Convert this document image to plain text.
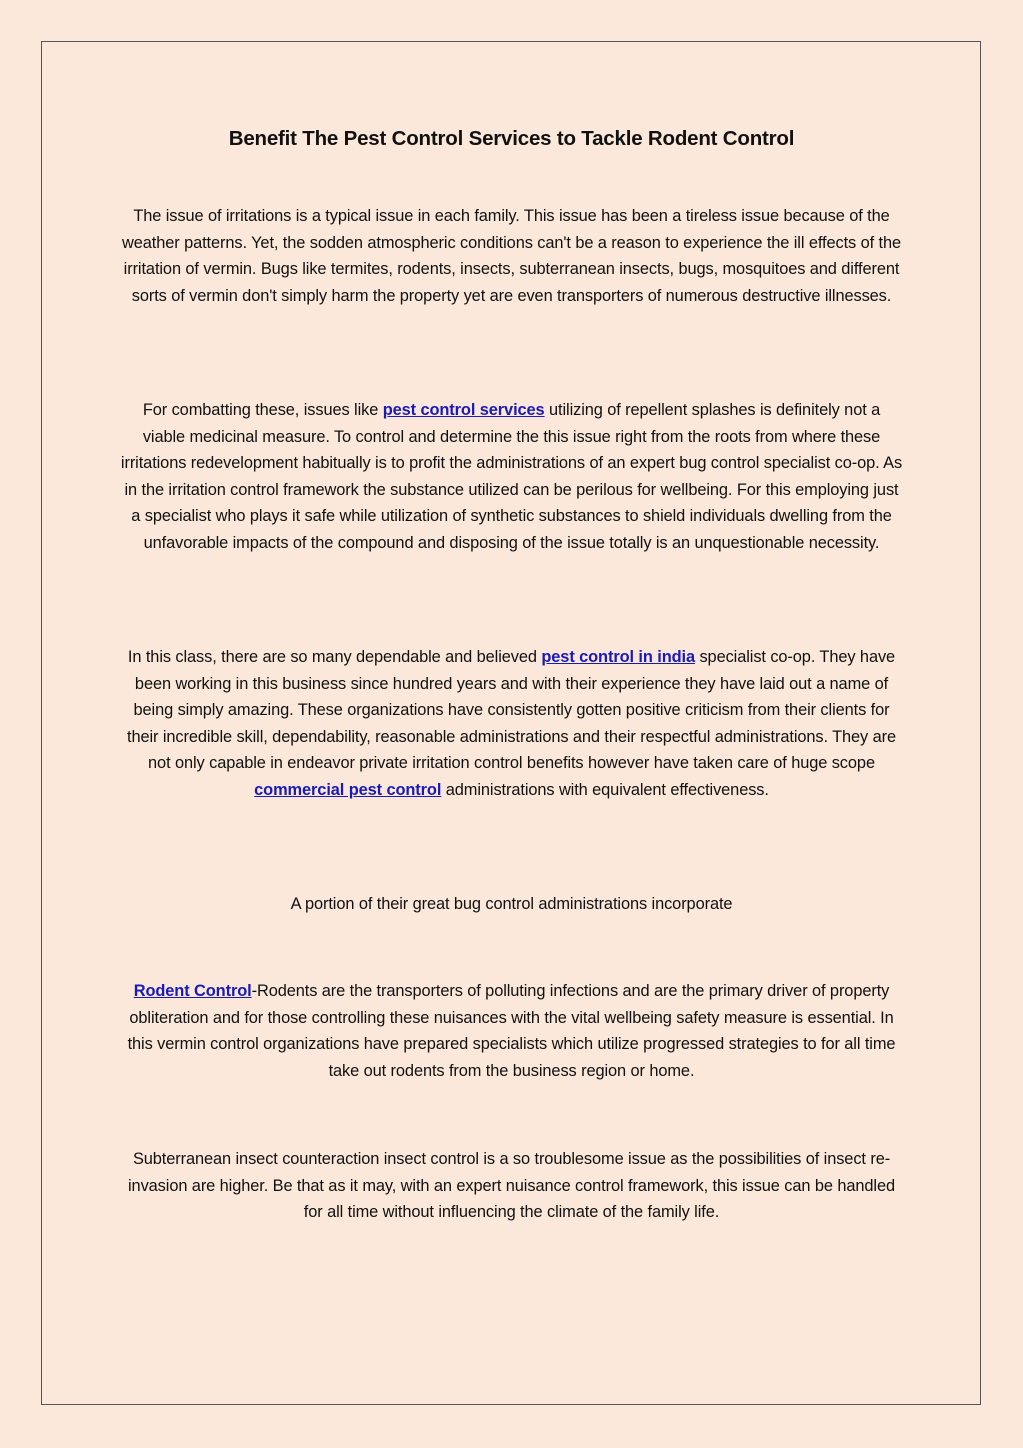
Benefit The Pest Control Services to Tackle Rodent Control

The issue of irritations is a typical issue in each family. This issue has been a tireless issue because of the weather patterns. Yet, the sodden atmospheric conditions can't be a reason to experience the ill effects of the irritation of vermin. Bugs like termites, rodents, insects, subterranean insects, bugs, mosquitoes and different sorts of vermin don't simply harm the property yet are even transporters of numerous destructive illnesses.

For combatting these, issues like pest control services utilizing of repellent splashes is definitely not a viable medicinal measure. To control and determine the this issue right from the roots from where these irritations redevelopment habitually is to profit the administrations of an expert bug control specialist co-op. As in the irritation control framework the substance utilized can be perilous for wellbeing. For this employing just a specialist who plays it safe while utilization of synthetic substances to shield individuals dwelling from the unfavorable impacts of the compound and disposing of the issue totally is an unquestionable necessity.

In this class, there are so many dependable and believed pest control in india specialist co-op. They have been working in this business since hundred years and with their experience they have laid out a name of being simply amazing. These organizations have consistently gotten positive criticism from their clients for their incredible skill, dependability, reasonable administrations and their respectful administrations. They are not only capable in endeavor private irritation control benefits however have taken care of huge scope commercial pest control administrations with equivalent effectiveness.

A portion of their great bug control administrations incorporate

Rodent Control-Rodents are the transporters of polluting infections and are the primary driver of property obliteration and for those controlling these nuisances with the vital wellbeing safety measure is essential. In this vermin control organizations have prepared specialists which utilize progressed strategies to for all time take out rodents from the business region or home.

Subterranean insect counteraction insect control is a so troublesome issue as the possibilities of insect re-invasion are higher. Be that as it may, with an expert nuisance control framework, this issue can be handled for all time without influencing the climate of the family life.
